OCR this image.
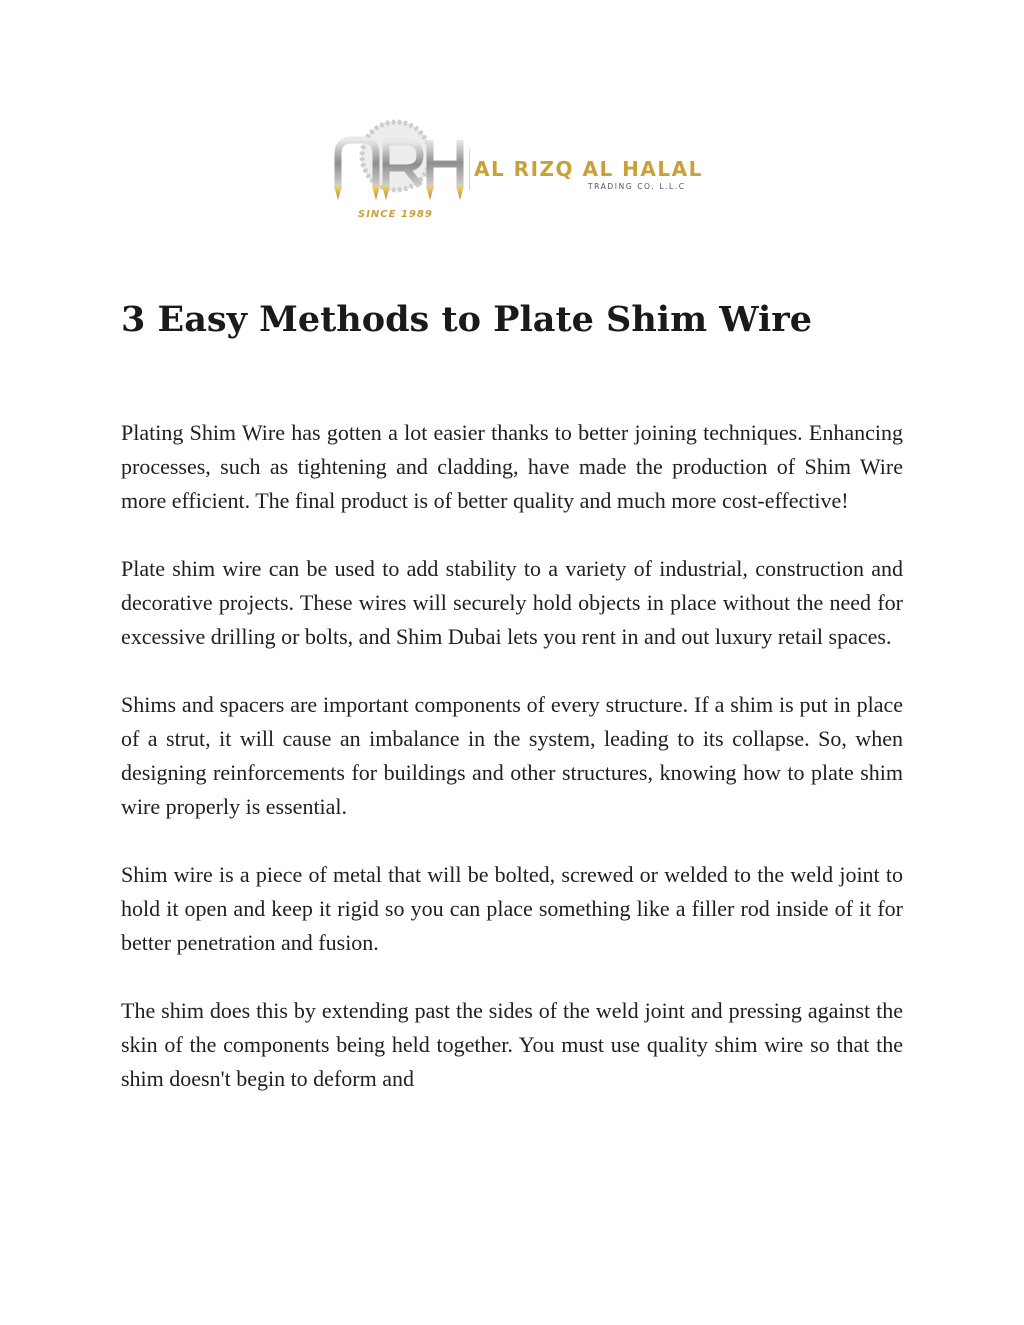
AL RIZQ AL HALAL
TRADING CO. L.L.C
SINCE 1989
3 Easy Methods to Plate Shim Wire

Plating Shim Wire has gotten a lot easier thanks to better joining techniques. Enhancing processes, such as tightening and cladding, have made the production of Shim Wire more efficient. The final product is of better quality and much more cost-effective!

Plate shim wire can be used to add stability to a variety of industrial, construction and decorative projects. These wires will securely hold objects in place without the need for excessive drilling or bolts, and Shim Dubai lets you rent in and out luxury retail spaces.

Shims and spacers are important components of every structure. If a shim is put in place of a strut, it will cause an imbalance in the system, leading to its collapse. So, when designing reinforcements for buildings and other structures, knowing how to plate shim wire properly is essential.

Shim wire is a piece of metal that will be bolted, screwed or welded to the weld joint to hold it open and keep it rigid so you can place something like a filler rod inside of it for better penetration and fusion.

The shim does this by extending past the sides of the weld joint and pressing against the skin of the components being held together. You must use quality shim wire so that the shim doesn't begin to deform and
